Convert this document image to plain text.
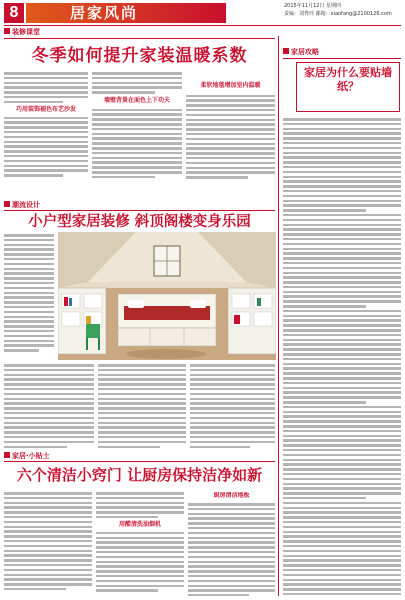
8	居家风尚	2015年11月12日 星期四
责编：刘秀玲 邮箱：xiaofang@2100126.com
装修课堂
冬季如何提升家装温暖系数
巧用装饰褪色布艺沙发
墙壁背景在面色上下功夫
柔软地毯增加室内温暖
潮流设计
小户型家居装修 斜顶阁楼变身乐园
家居·小贴士
六个清洁小窍门 让厨房保持洁净如新
用醋清洗油烟机
厨房清洁地板
家居攻略
家居为什么要贴墙纸？
